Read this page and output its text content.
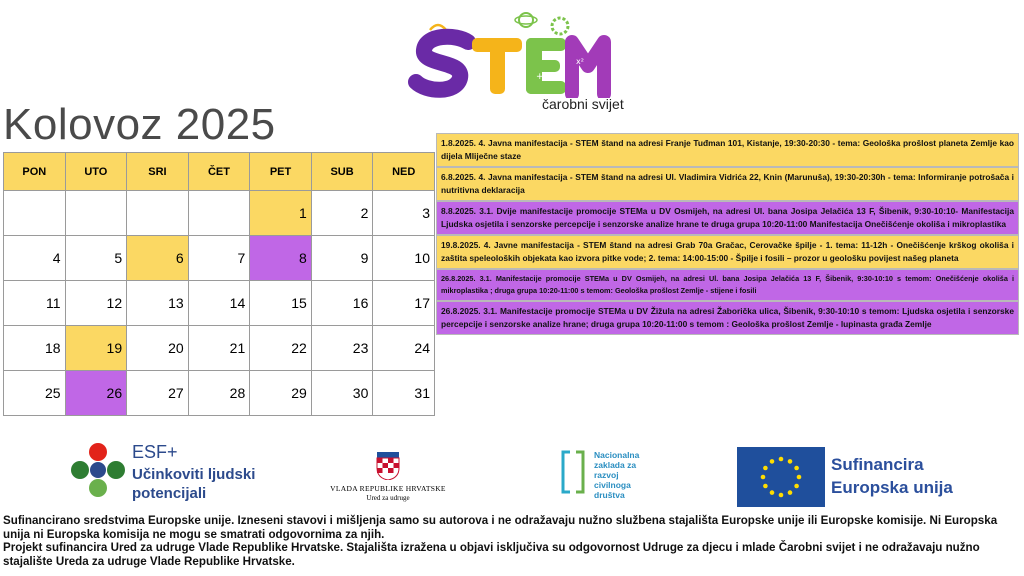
+
x²
čarobni svijet
Kolovoz 2025
PON	UTO	SRI	ČET	PET	SUB	NED
				1	2	3
4	5	6	7	8	9	10
11	12	13	14	15	16	17
18	19	20	21	22	23	24
25	26	27	28	29	30	31
1.8.2025. 4. Javna manifestacija - STEM štand na adresi Franje Tuđman 101, Kistanje, 19:30-20:30 - tema: Geološka prošlost planeta Zemlje kao dijela Mliječne staze
6.8.2025. 4. Javna manifestacija - STEM štand na adresi Ul. Vladimira Vidrića 22, Knin (Marunuša), 19:30-20:30h - tema: Informiranje potrošača i nutritivna deklaracija
8.8.2025. 3.1. Dvije manifestacije promocije STEMa u DV Osmijeh, na adresi Ul. bana Josipa Jelačića 13 F, Šibenik, 9:30-10:10- Manifestacija Ljudska osjetila i senzorske percepcije i senzorske analize hrane te druga grupa 10:20-11:00 Manifestacija Onečišćenje okoliša i mikroplastika
19.8.2025. 4. Javne manifestacija - STEM štand na adresi Grab 70a Gračac, Cerovačke špilje - 1. tema: 11-12h - Onečišćenje krškog okoliša i zaštita speleoloških objekata kao izvora pitke vode; 2. tema: 14:00-15:00 - Špilje i fosili – prozor u geološku povijest našeg planeta
26.8.2025. 3.1. Manifestacije promocije STEMa u DV Osmijeh, na adresi Ul. bana Josipa Jelačića 13 F, Šibenik, 9:30-10:10 s temom: Onečišćenje okoliša i mikroplastika ; druga grupa 10:20-11:00 s temom: Geološka prošlost Zemlje - stijene i fosili
26.8.2025. 3.1. Manifestacije promocije STEMa u DV Žižula na adresi Žaborička ulica, Šibenik, 9:30-10:10 s temom: Ljudska osjetila i senzorske percepcije i senzorske analize hrane; druga grupa 10:20-11:00 s temom : Geološka prošlost Zemlje - lupinasta građa Zemlje
ESF+
Učinkoviti ljudski
potencijali	VLADA REPUBLIKE HRVATSKE
Ured za udruge
Nacionalna
zaklada za
razvoj
civilnoga
društva
Sufinancira
Europska unija

Sufinancirano sredstvima Europske unije. Izneseni stavovi i mišljenja samo su autorova i ne odražavaju nužno službena stajališta Europske unije ili Europske komisije. Ni Europska unija ni Europska komisija ne mogu se smatrati odgovornima za njih.

Projekt sufinancira Ured za udruge Vlade Republike Hrvatske. Stajališta izražena u objavi isključiva su odgovornost Udruge za djecu i mlade Čarobni svijet i ne odražavaju nužno stajalište Ureda za udruge Vlade Republike Hrvatske.
